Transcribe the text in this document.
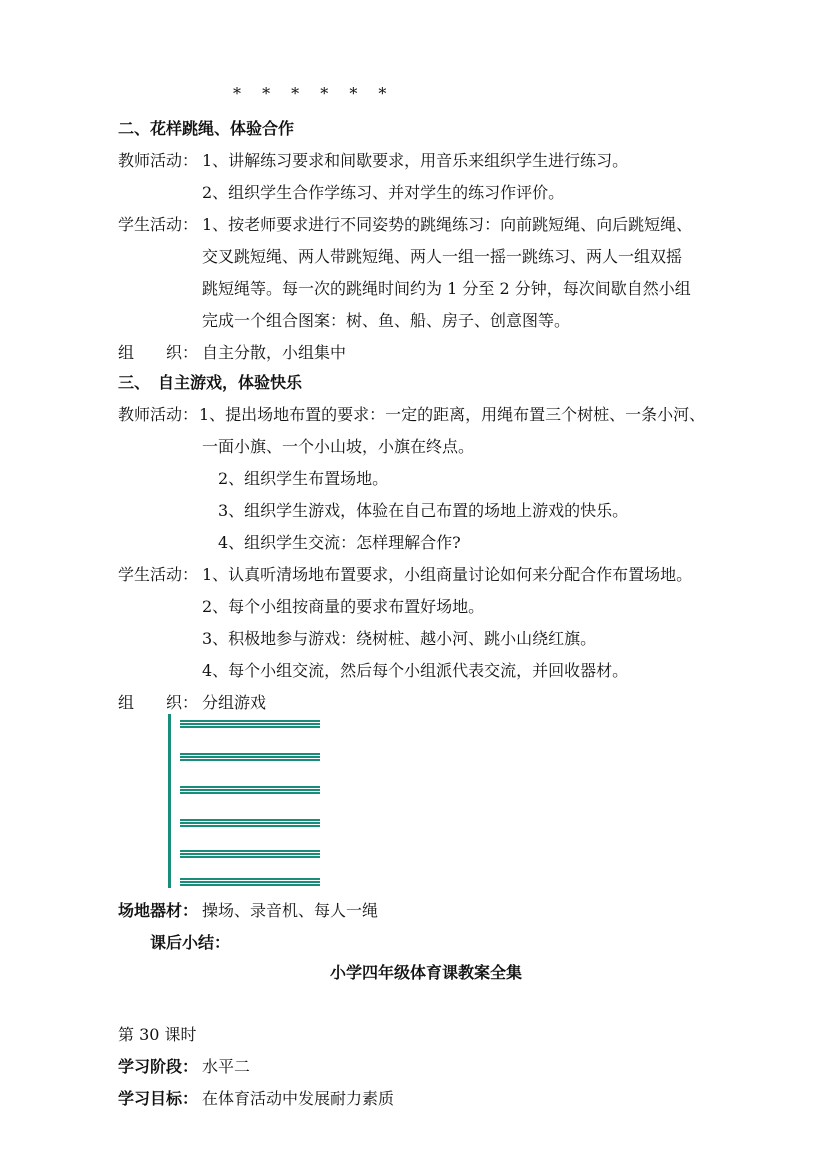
* * * * * *
二、花样跳绳、体验合作
教师活动： 1、讲解练习要求和间歇要求，用音乐来组织学生进行练习。
2、组织学生合作学练习、并对学生的练习作评价。
学生活动： 1、按老师要求进行不同姿势的跳绳练习：向前跳短绳、向后跳短绳、
交叉跳短绳、两人带跳短绳、两人一组一摇一跳练习、两人一组双摇
跳短绳等。每一次的跳绳时间约为 1 分至 2 分钟，每次间歇自然小组
完成一个组合图案：树、鱼、船、房子、创意图等。
组　　织： 自主分散，小组集中
三、　自主游戏，体验快乐
教师活动： 1、提出场地布置的要求：一定的距离，用绳布置三个树桩、一条小河、
一面小旗、一个小山坡，小旗在终点。
2、组织学生布置场地。
3、组织学生游戏，体验在自己布置的场地上游戏的快乐。
4、组织学生交流：怎样理解合作?
学生活动： 1、认真听清场地布置要求，小组商量讨论如何来分配合作布置场地。
2、每个小组按商量的要求布置好场地。
3、积极地参与游戏：绕树桩、越小河、跳小山绕红旗。
4、每个小组交流，然后每个小组派代表交流，并回收器材。
组　　织： 分组游戏
场地器材： 操场、录音机、每人一绳
课后小结：
小学四年级体育课教案全集
第 30 课时
学习阶段： 水平二
学习目标： 在体育活动中发展耐力素质
